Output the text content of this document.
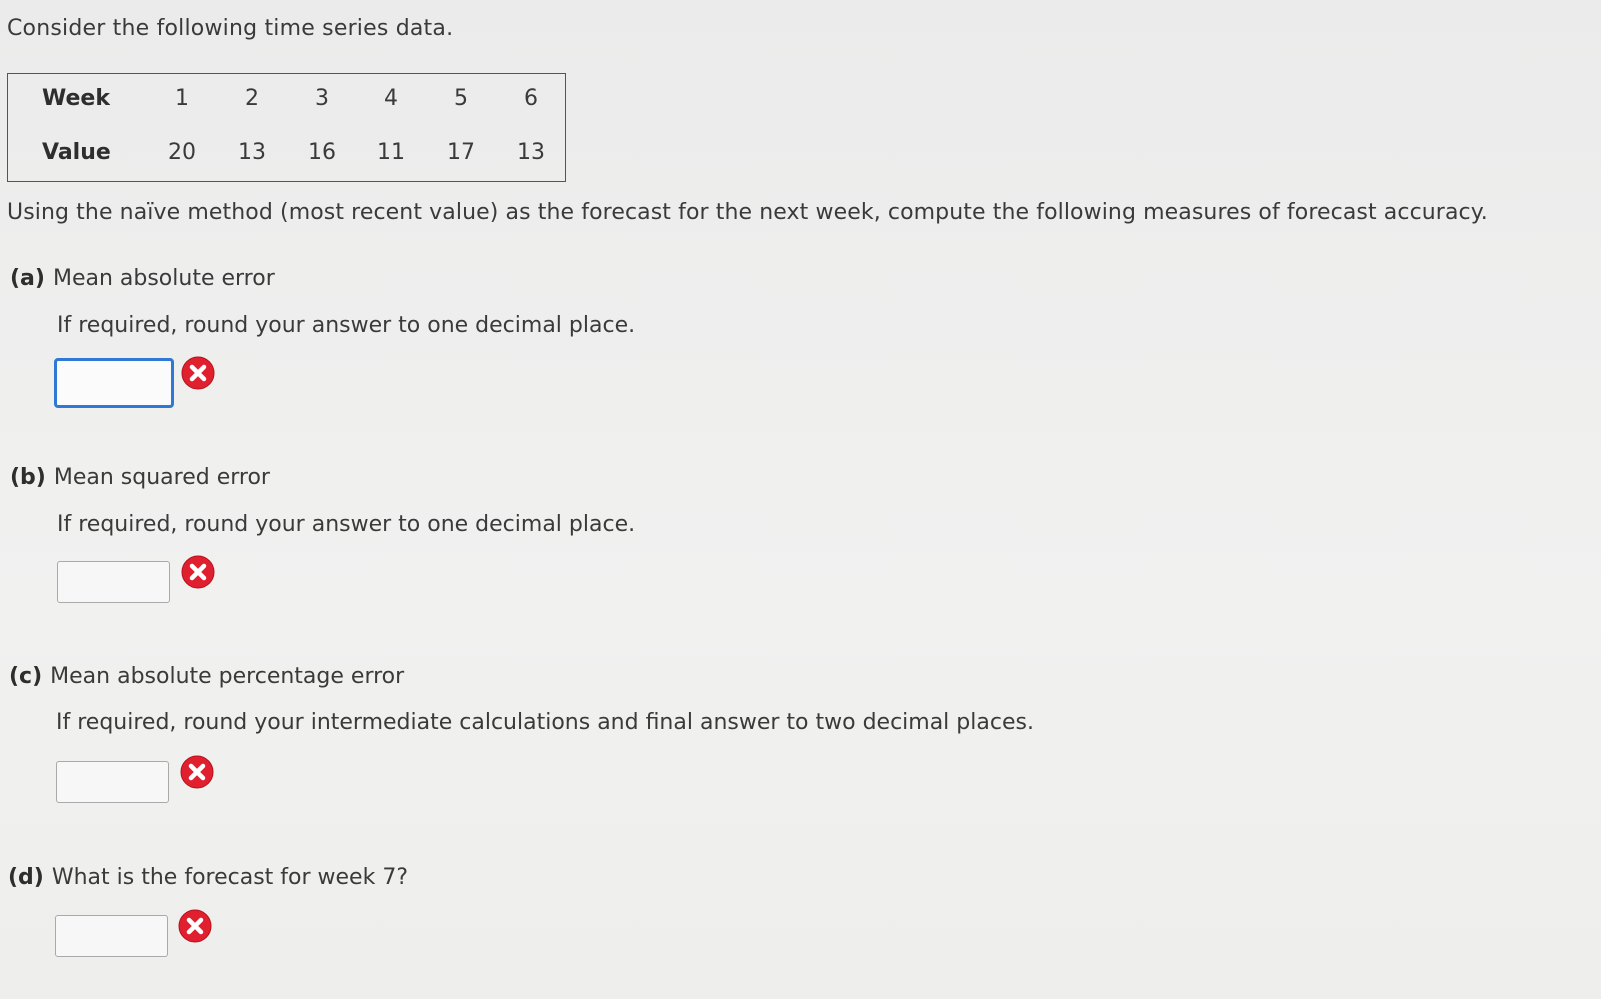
Consider the following time series data.
Week	1	2	3	4	5	6
Value	20	13	16	11	17	13
Using the naïve method (most recent value) as the forecast for the next week, compute the following measures of forecast accuracy.
(a) Mean absolute error
If required, round your answer to one decimal place.
(b) Mean squared error
If required, round your answer to one decimal place.
(c) Mean absolute percentage error
If required, round your intermediate calculations and final answer to two decimal places.
(d) What is the forecast for week 7?
